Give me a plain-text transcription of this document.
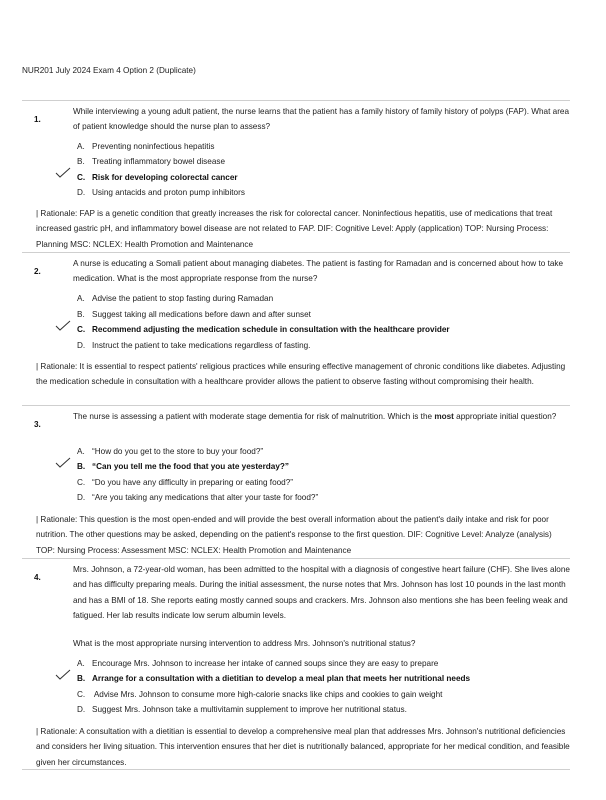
NUR201 July 2024 Exam 4 Option 2 (Duplicate)
1.
While interviewing a young adult patient, the nurse learns that the patient has a family history of family history of polyps (FAP). What area of patient knowledge should the nurse plan to assess?
A. Preventing noninfectious hepatitis
B. Treating inflammatory bowel disease
C. Risk for developing colorectal cancer
D. Using antacids and proton pump inhibitors
| Rationale: FAP is a genetic condition that greatly increases the risk for colorectal cancer. Noninfectious hepatitis, use of medications that treat increased gastric pH, and inflammatory bowel disease are not related to FAP. DIF: Cognitive Level: Apply (application) TOP: Nursing Process: Planning MSC: NCLEX: Health Promotion and Maintenance
2.
A nurse is educating a Somali patient about managing diabetes. The patient is fasting for Ramadan and is concerned about how to take medication. What is the most appropriate response from the nurse?
A. Advise the patient to stop fasting during Ramadan
B. Suggest taking all medications before dawn and after sunset
C. Recommend adjusting the medication schedule in consultation with the healthcare provider
D. Instruct the patient to take medications regardless of fasting.
| Rationale: It is essential to respect patients' religious practices while ensuring effective management of chronic conditions like diabetes. Adjusting the medication schedule in consultation with a healthcare provider allows the patient to observe fasting without compromising their health.
3.
The nurse is assessing a patient with moderate stage dementia for risk of malnutrition. Which is the most appropriate initial question?
A. “How do you get to the store to buy your food?”
B. “Can you tell me the food that you ate yesterday?”
C. “Do you have any difficulty in preparing or eating food?”
D. “Are you taking any medications that alter your taste for food?”
| Rationale: This question is the most open-ended and will provide the best overall information about the patient's daily intake and risk for poor nutrition. The other questions may be asked, depending on the patient's response to the first question. DIF: Cognitive Level: Analyze (analysis) TOP: Nursing Process: Assessment MSC: NCLEX: Health Promotion and Maintenance
4.
Mrs. Johnson, a 72-year-old woman, has been admitted to the hospital with a diagnosis of congestive heart failure (CHF). She lives alone and has difficulty preparing meals. During the initial assessment, the nurse notes that Mrs. Johnson has lost 10 pounds in the last month and has a BMI of 18. She reports eating mostly canned soups and crackers. Mrs. Johnson also mentions she has been feeling weak and fatigued. Her lab results indicate low serum albumin levels.
What is the most appropriate nursing intervention to address Mrs. Johnson's nutritional status?
A. Encourage Mrs. Johnson to increase her intake of canned soups since they are easy to prepare
B. Arrange for a consultation with a dietitian to develop a meal plan that meets her nutritional needs
C. Advise Mrs. Johnson to consume more high-calorie snacks like chips and cookies to gain weight
D. Suggest Mrs. Johnson take a multivitamin supplement to improve her nutritional status.
| Rationale: A consultation with a dietitian is essential to develop a comprehensive meal plan that addresses Mrs. Johnson's nutritional deficiencies and considers her living situation. This intervention ensures that her diet is nutritionally balanced, appropriate for her medical condition, and feasible given her circumstances.
